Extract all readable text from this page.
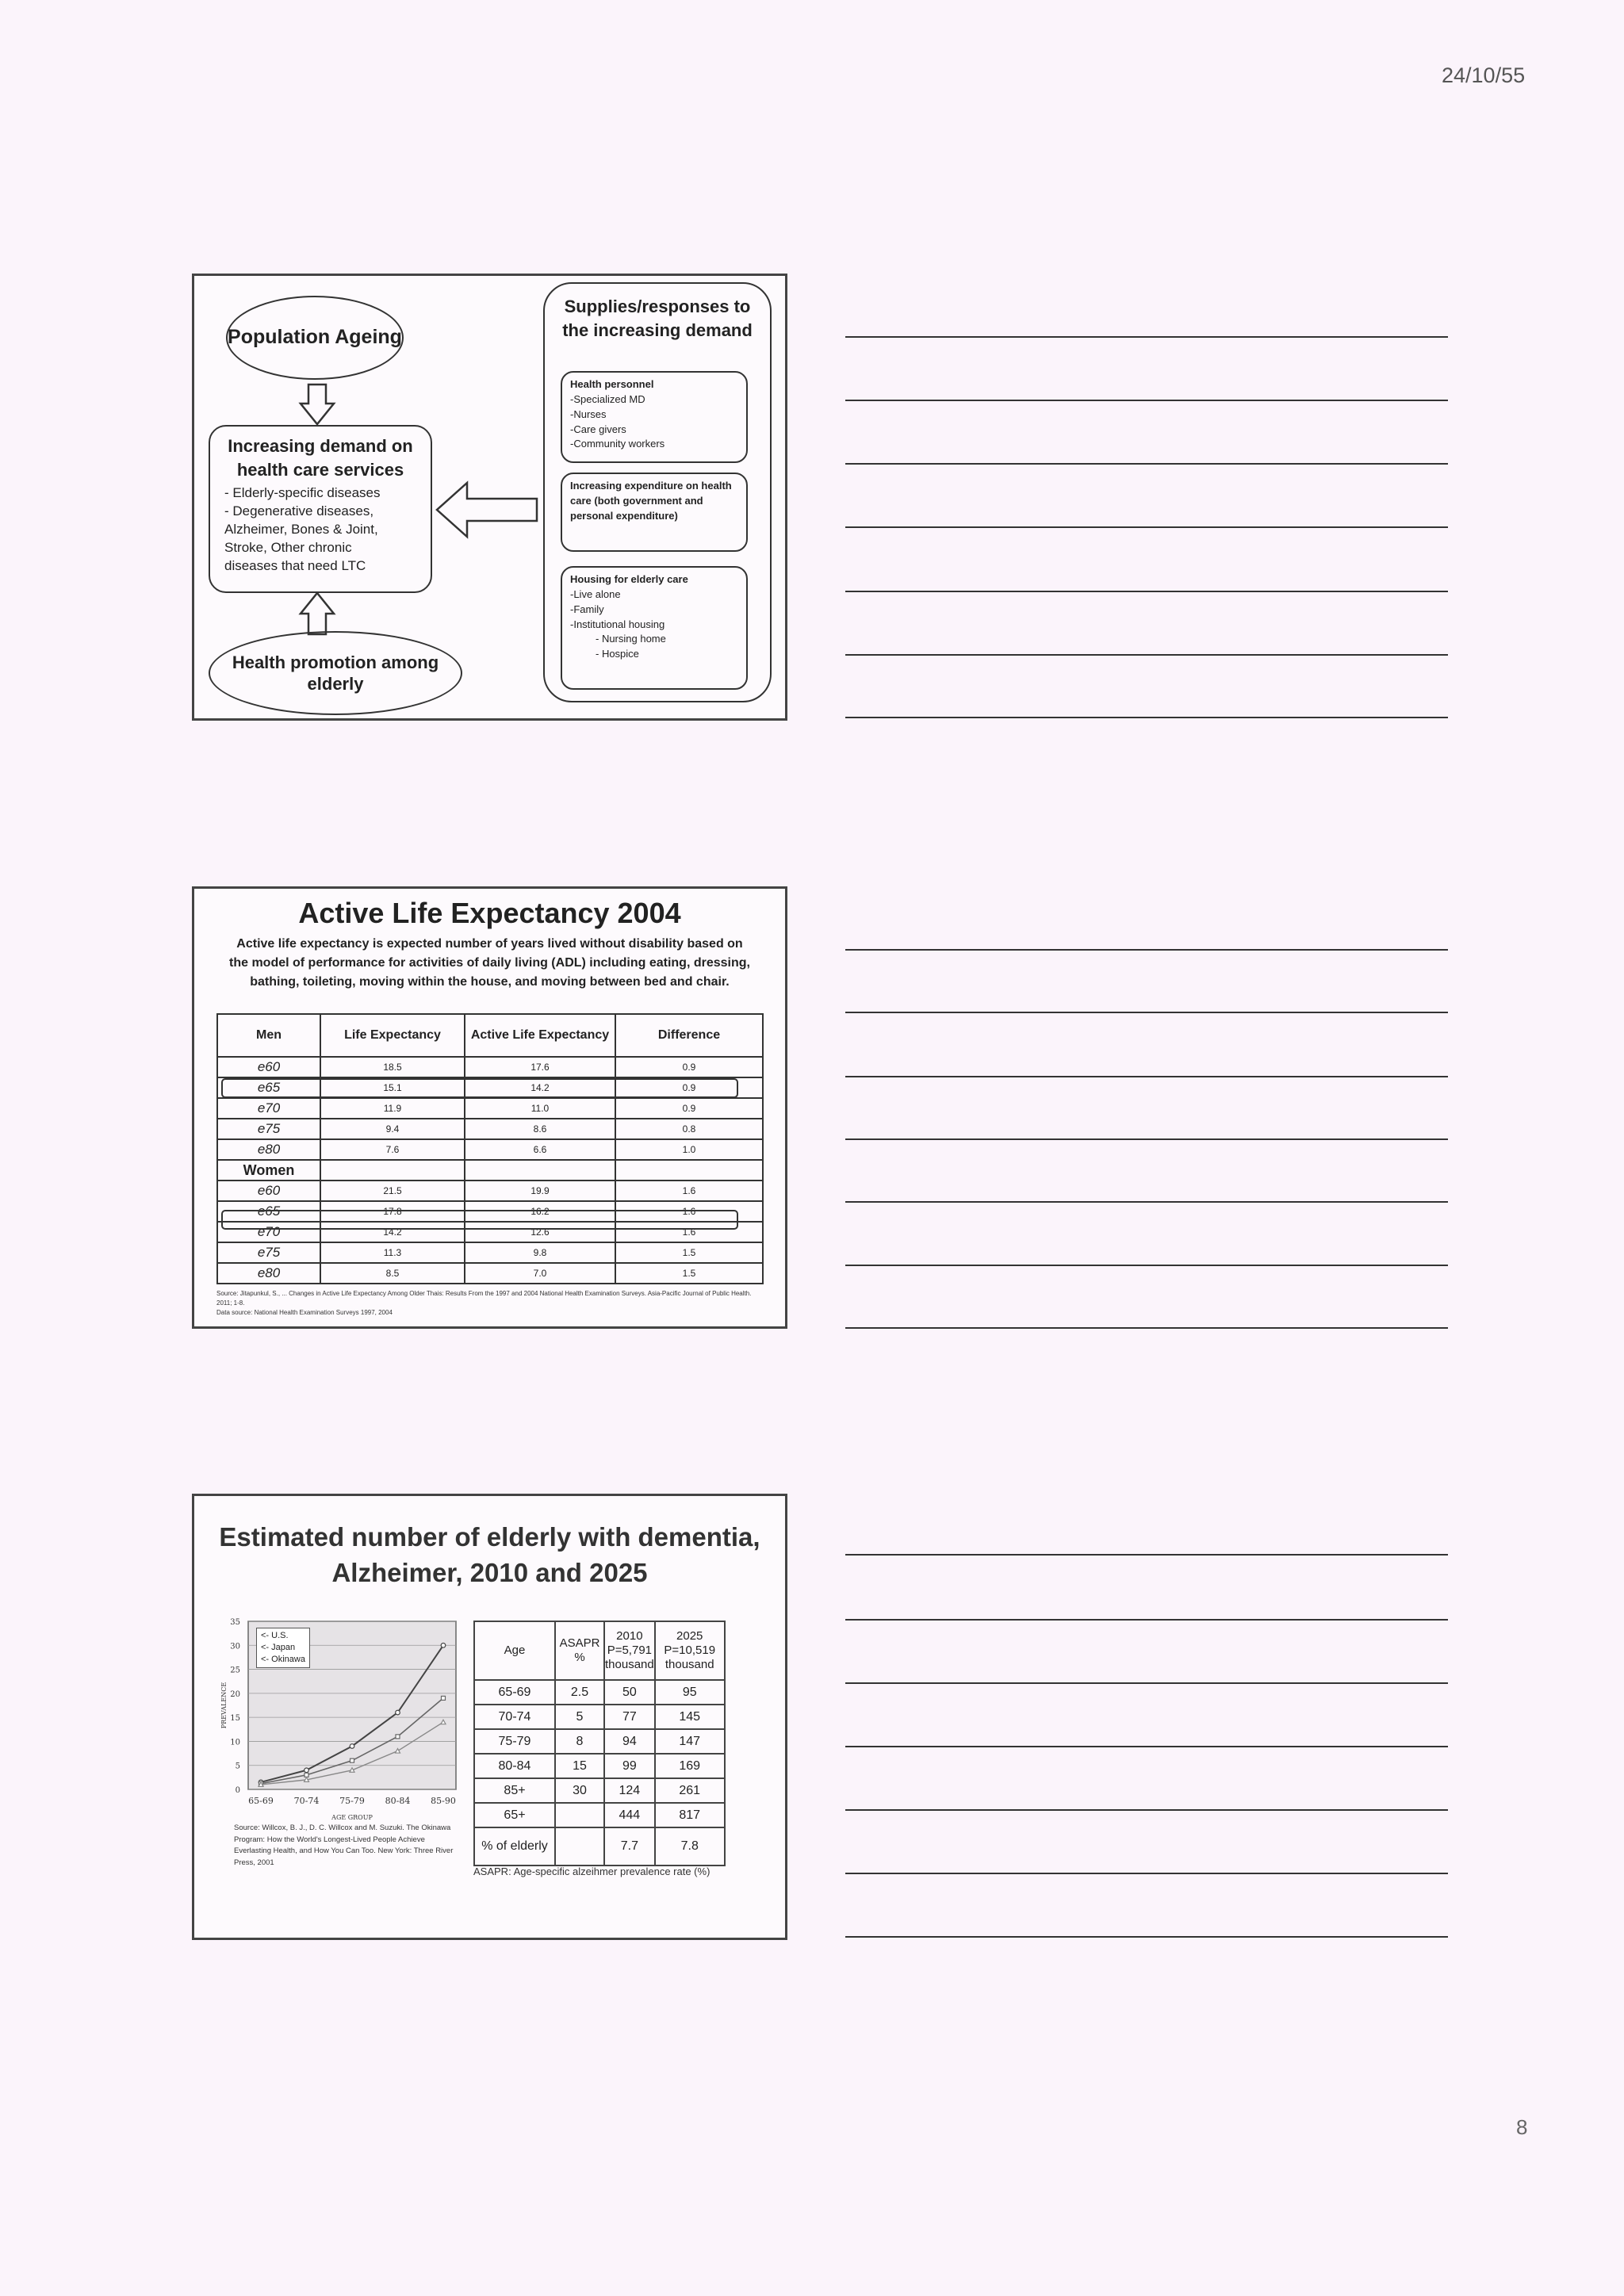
24/10/55
Population Ageing
Increasing demand on health care services
- Elderly-specific diseases
- Degenerative diseases,
Alzheimer, Bones & Joint,
Stroke, Other chronic
diseases that need LTC
Health promotion among elderly
Supplies/responses to the increasing demand
Health personnel
-Specialized MD
-Nurses
-Care givers
-Community workers
Increasing expenditure on health care (both government and personal expenditure)
Housing for elderly care
-Live alone
-Family
-Institutional housing
- Nursing home
- Hospice
Active Life Expectancy 2004
Active life expectancy is expected number of years lived without disability based on the model of performance for activities of daily living (ADL) including eating, dressing, bathing, toileting, moving within the house, and moving between bed and chair.
Men	Life Expectancy	Active Life Expectancy	Difference
e60	18.5	17.6	0.9
e65	15.1	14.2	0.9
e70	11.9	11.0	0.9
e75	9.4	8.6	0.8
e80	7.6	6.6	1.0
Women			
e60	21.5	19.9	1.6
e65	17.8	16.2	1.6
e70	14.2	12.6	1.6
e75	11.3	9.8	1.5
e80	8.5	7.0	1.5
Source: Jitapunkul, S., ... Changes in Active Life Expectancy Among Older Thais: Results From the 1997 and 2004 National Health Examination Surveys. Asia-Pacific Journal of Public Health. 2011; 1-8.
Data source: National Health Examination Surveys 1997, 2004
Estimated number of elderly with dementia, Alzheimer, 2010 and 2025
35
30
25
20
15
10
5
0
65-69 70-74 75-79 80-84 85-90
AGE GROUP
PREVALENCE
<- U.S.
<- Japan
<- Okinawa
Source: Willcox, B. J., D. C. Willcox and M. Suzuki. The Okinawa Program: How the World's Longest-Lived People Achieve Everlasting Health, and How You Can Too. New York: Three River Press, 2001
Age	ASAPR %	2010 P=5,791 thousand	2025 P=10,519 thousand
65-69	2.5	50	95
70-74	5	77	145
75-79	8	94	147
80-84	15	99	169
85+	30	124	261
65+		444	817
% of elderly		7.7	7.8
ASAPR: Age-specific alzeihmer prevalence rate (%)
8
